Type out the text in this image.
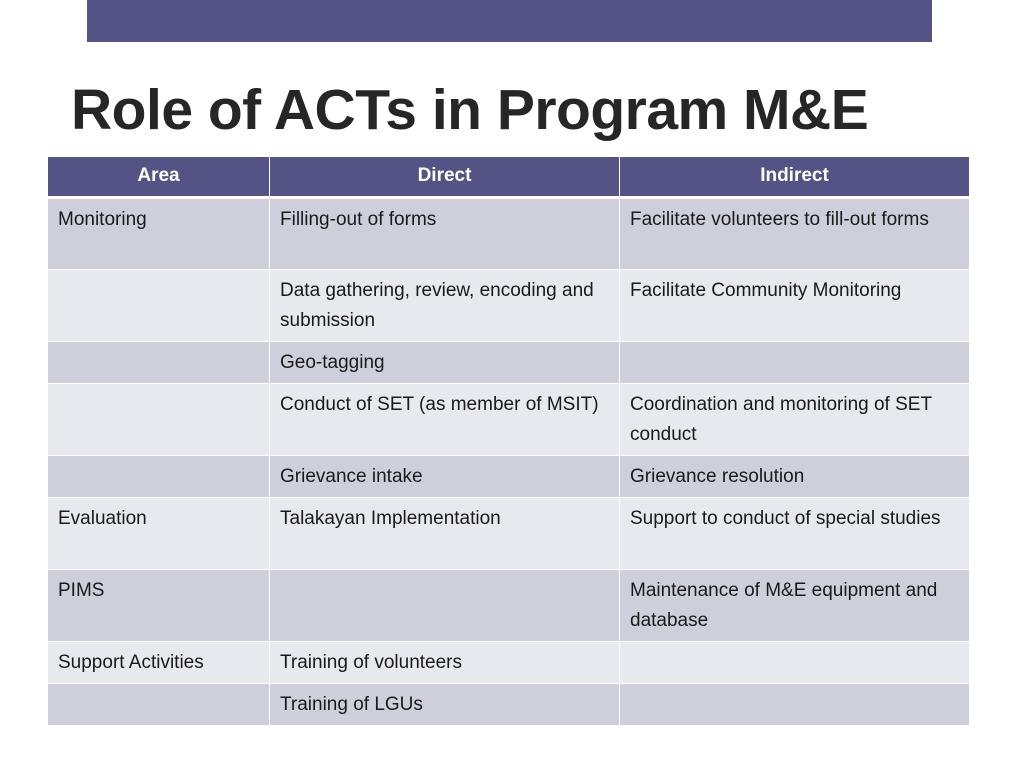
Role of ACTs in Program M&E
Area	Direct	Indirect
Monitoring	Filling-out of forms	Facilitate volunteers to fill-out forms
	Data gathering, review, encoding and submission	Facilitate Community Monitoring
	Geo-tagging	
	Conduct of SET (as member of MSIT)	Coordination and monitoring of SET conduct
	Grievance intake	Grievance resolution
Evaluation	Talakayan Implementation	Support to conduct of special studies
PIMS		Maintenance of M&E equipment and database
Support Activities	Training of volunteers	
	Training of LGUs	
